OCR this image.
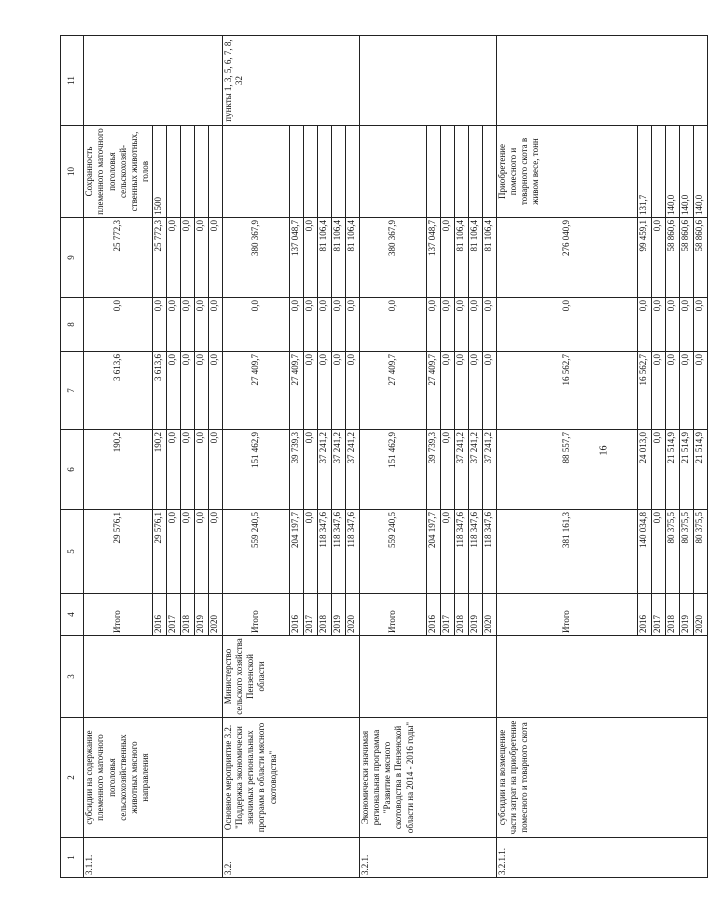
16
1	2	3	4	5	6	7	8	9	10	11
3.1.1.	субсидии на содержание племенного маточного поголовья сельскохозяйственных животных мясного направления		Итого	29 576,1	190,2	3 613,6	0,0	25 772,3	Сохранность племенного маточного поголовья сельскохозяй-ственных животных, голов	
			2016	29 576,1	190,2	3 613,6	0,0	25 772,3	1500	
			2017	0,0	0,0	0,0	0,0	0,0		
			2018	0,0	0,0	0,0	0,0	0,0		
			2019	0,0	0,0	0,0	0,0	0,0		
			2020	0,0	0,0	0,0	0,0	0,0		
3.2.	Основное мероприятие 3.2. "Поддержка экономически значимых региональных программ в области мясного скотоводства"	Министерство сельского хозяйства Пензенской области	Итого	559 240,5	151 462,9	27 409,7	0,0	380 367,9		пункты 1, 3, 5, 6, 7, 8, 32
			2016	204 197,7	39 739,3	27 409,7	0,0	137 048,7		
			2017	0,0	0,0	0,0	0,0	0,0		
			2018	118 347,6	37 241,2	0,0	0,0	81 106,4		
			2019	118 347,6	37 241,2	0,0	0,0	81 106,4		
			2020	118 347,6	37 241,2	0,0	0,0	81 106,4		
3.2.1.	Экономически значимая региональная программа "Развитие мясного скотоводства в Пензенской области на 2014 - 2016 годы"		Итого	559 240,5	151 462,9	27 409,7	0,0	380 367,9		
			2016	204 197,7	39 739,3	27 409,7	0,0	137 048,7		
			2017	0,0	0,0	0,0	0,0	0,0		
			2018	118 347,6	37 241,2	0,0	0,0	81 106,4		
			2019	118 347,6	37 241,2	0,0	0,0	81 106,4		
			2020	118 347,6	37 241,2	0,0	0,0	81 106,4		
3.2.1.1.	субсидии на возмещение части затрат на приобретение помесного и товарного скота		Итого	381 161,3	88 557,7	16 562,7	0,0	276 040,9	Приобретение помесного и товарного скота в живом весе, тонн	
			2016	140 034,8	24 013,0	16 562,7	0,0	99 459,1	131,7	
			2017	0,0	0,0	0,0	0,0	0,0		
			2018	80 375,5	21 514,9	0,0	0,0	58 860,6	140,0	
			2019	80 375,5	21 514,9	0,0	0,0	58 860,6	140,0	
			2020	80 375,5	21 514,9	0,0	0,0	58 860,6	140,0	
